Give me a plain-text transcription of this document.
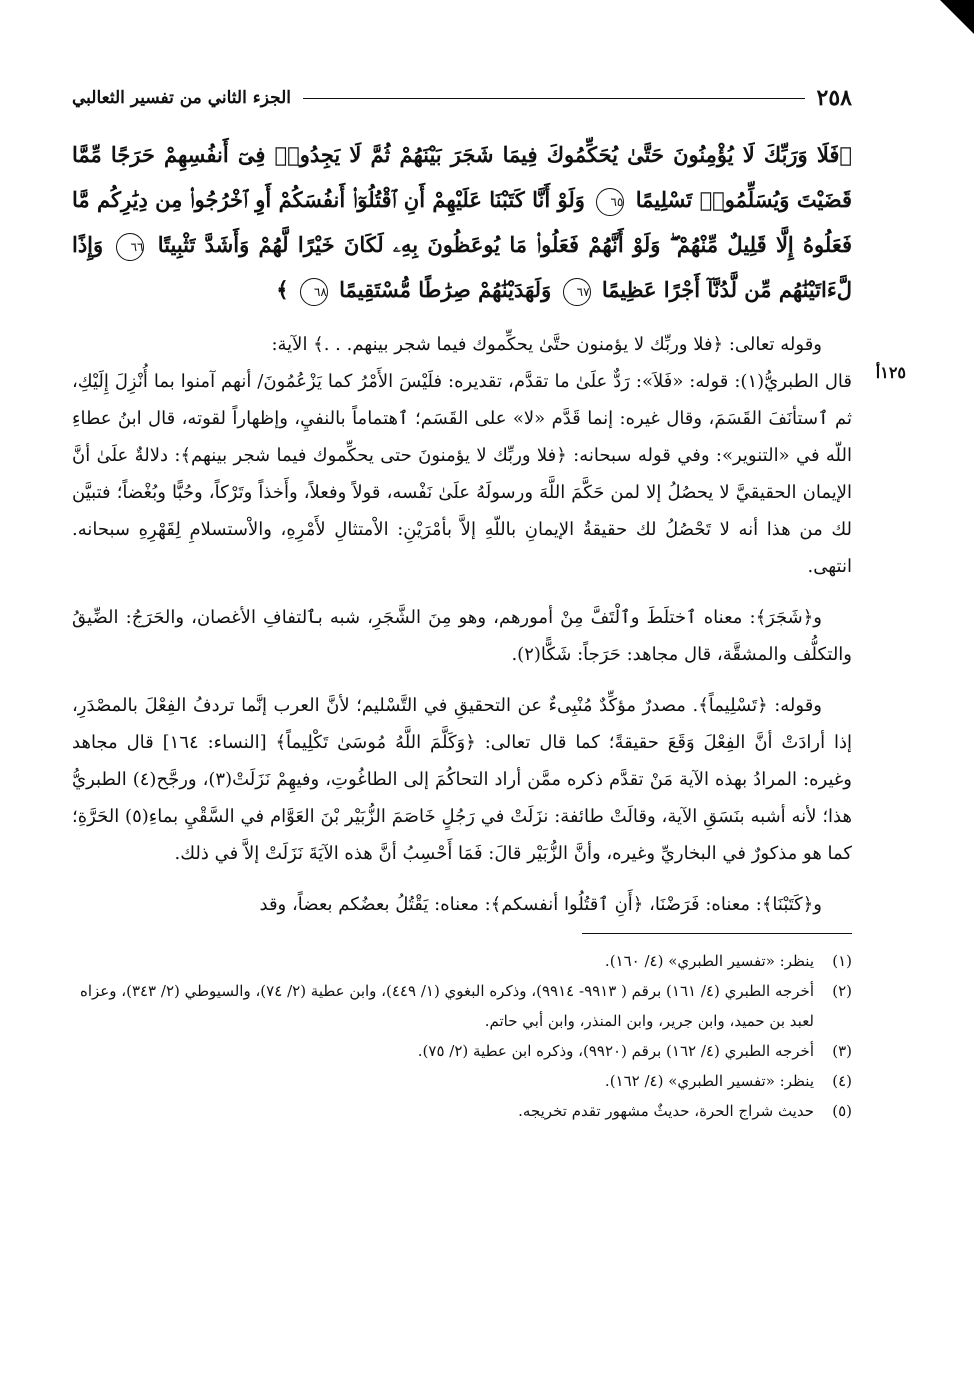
٢٥٨
الجزء الثاني من تفسير الثعالبي
﴿فَلَا وَرَبِّكَ لَا يُؤْمِنُونَ حَتَّىٰ يُحَكِّمُوكَ فِيمَا شَجَرَ بَيْنَهُمْ ثُمَّ لَا يَجِدُوا۟ فِىٓ أَنفُسِهِمْ حَرَجًا مِّمَّا قَضَيْتَ وَيُسَلِّمُوا۟ تَسْلِيمًا ٦٥ وَلَوْ أَنَّا كَتَبْنَا عَلَيْهِمْ أَنِ ٱقْتُلُوٓا۟ أَنفُسَكُمْ أَوِ ٱخْرُجُوا۟ مِن دِيَٰرِكُم مَّا فَعَلُوهُ إِلَّا قَلِيلٌ مِّنْهُمْ ۖ وَلَوْ أَنَّهُمْ فَعَلُوا۟ مَا يُوعَظُونَ بِهِۦ لَكَانَ خَيْرًا لَّهُمْ وَأَشَدَّ تَثْبِيتًا ٦٦ وَإِذًا لَّءَاتَيْنَٰهُم مِّن لَّدُنَّآ أَجْرًا عَظِيمًا ٦٧ وَلَهَدَيْنَٰهُمْ صِرَٰطًا مُّسْتَقِيمًا ٦٨ ﴾

وقوله تعالى: ﴿فلا وربِّك لا يؤمنون حتَّىٰ يحكِّموك فيما شجر بينهم. . .﴾ الآية:

١٢٥أ

قال الطبريُّ(١): قوله: «فَلاَ»: رَدٌّ علَىٰ ما تقدَّم، تقديره: فلَيْسَ الأَمْرُ كما يَزْعُمُونَ/ أنهم آمنوا بما أُنْزِلَ إِلَيْكِ، ثم ٱستأنَفَ القَسَمَ، وقال غيره: إنما قَدَّم «لا» على القَسَم؛ ٱهتماماً بالنفيِ، وإظهاراً لقوته، قال ابنُ عطاءِ اللّه في «التنوير»: وفي قوله سبحانه: ﴿فلا وربِّك لا يؤمنونَ حتى يحكِّموك فيما شجر بينهم﴾: دلالةٌ علَىٰ أنَّ الإيمان الحقيقيَّ لا يحصُلُ إلا لمن حَكَّمَ اللَّهَ ورسولَهُ علَىٰ نَفْسه، قولاً وفعلاً، وأَخذاً وتَرْكاً، وحُبًّا وبُغْضاً؛ فتبيَّن لك من هذا أنه لا تَحْصُلُ لك حقيقةُ الإيمانِ باللّهِ إلاَّ بأمْرَيْنِ: الاْمتثالِ لأَمْرِهِ، والاْستسلامِ لِقَهْرِهِ سبحانه. انتهى.

و﴿شَجَرَ﴾: معناه ٱختلَطَ وٱلْتَفَّ مِنْ أمورهم، وهو مِنَ الشَّجَرِ، شبه بٱلتفافِ الأغصان، والحَرَجُ: الضِّيقُ والتكلُّف والمشقَّة، قال مجاهد: حَرَجاً: شَكًّا(٢).

وقوله: ﴿تَسْلِيماً﴾. مصدرٌ مؤكِّدٌ مُنْبِىءٌ عن التحقيقِ في التَّسْليم؛ لأنَّ العرب إنَّما تردفُ الفِعْلَ بالمصْدَرِ، إذا أرادَتْ أنَّ الفِعْلَ وَقَعَ حقيقةً؛ كما قال تعالى: ﴿وَكَلَّمَ اللَّهُ مُوسَىٰ تَكْلِيماً﴾ [النساء: ١٦٤] قال مجاهد وغيره: المرادُ بهذه الآية مَنْ تقدَّم ذكره ممَّن أراد التحاكُمَ إلى الطاغُوتِ، وفيهِمْ نَزَلَتْ(٣)، ورجَّح(٤) الطبريُّ هذا؛ لأنه أشبه بنَسَقِ الآية، وقالَتْ طائفة: نزَلَتْ في رَجُلٍ خَاصَمَ الزُّبَيْر بْنَ العَوَّام في السَّقْيِ بماءِ(٥) الحَرَّةِ؛ كما هو مذكورٌ في البخاريِّ وغيره، وأنَّ الزُّبَيْر قالَ: فَمَا أَحْسِبُ أنَّ هذه الآيَةَ نَزَلَتْ إلاَّ في ذلك.

و﴿كَتَبْنَا﴾: معناه: فَرَضْنَا، ﴿أَنِ ٱقتُلُوا أنفسكم﴾: معناه: يَقْتُلُ بعضُكم بعضاً، وقد

(١)
ينظر: «تفسير الطبري» (٤/ ١٦٠).
(٢)
أخرجه الطبري (٤/ ١٦١) برقم ( ٩٩١٣- ٩٩١٤)، وذكره البغوي (١/ ٤٤٩)، وابن عطية (٢/ ٧٤)، والسيوطي (٢/ ٣٤٣)، وعزاه لعبد بن حميد، وابن جرير، وابن المنذر، وابن أبي حاتم.
(٣)
أخرجه الطبري (٤/ ١٦٢) برقم (٩٩٢٠)، وذكره ابن عطية (٢/ ٧٥).
(٤)
ينظر: «تفسير الطبري» (٤/ ١٦٢).
(٥)
حديث شراج الحرة، حديثٌ مشهور تقدم تخريجه.
